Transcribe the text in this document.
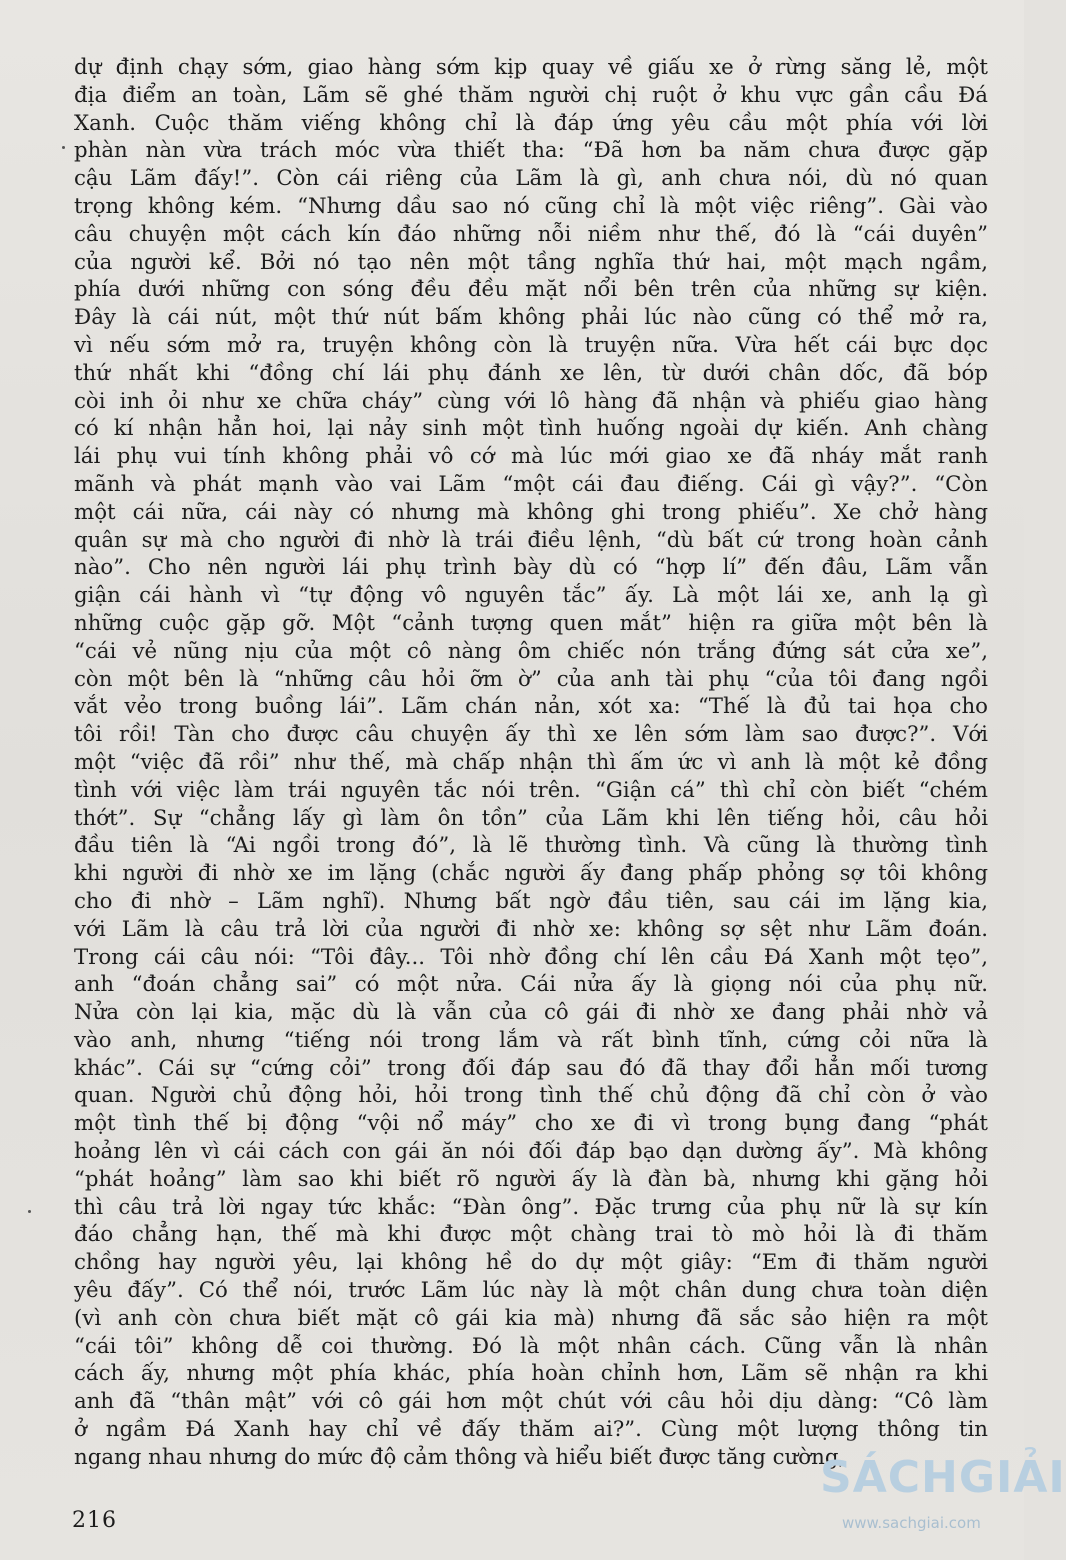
dự định chạy sớm, giao hàng sớm kịp quay về giấu xe ở rừng săng lẻ, một
địa điểm an toàn, Lãm sẽ ghé thăm người chị ruột ở khu vực gần cầu Đá
Xanh. Cuộc thăm viếng không chỉ là đáp ứng yêu cầu một phía với lời
phàn nàn vừa trách móc vừa thiết tha: “Đã hơn ba năm chưa được gặp
cậu Lãm đấy!”. Còn cái riêng của Lãm là gì, anh chưa nói, dù nó quan
trọng không kém. “Nhưng dầu sao nó cũng chỉ là một việc riêng”. Gài vào
câu chuyện một cách kín đáo những nỗi niềm như thế, đó là “cái duyên”
của người kể. Bởi nó tạo nên một tầng nghĩa thứ hai, một mạch ngầm,
phía dưới những con sóng đều đều mặt nổi bên trên của những sự kiện.
Đây là cái nút, một thứ nút bấm không phải lúc nào cũng có thể mở ra,
vì nếu sớm mở ra, truyện không còn là truyện nữa. Vừa hết cái bực dọc
thứ nhất khi “đồng chí lái phụ đánh xe lên, từ dưới chân dốc, đã bóp
còi inh ỏi như xe chữa cháy” cùng với lô hàng đã nhận và phiếu giao hàng
có kí nhận hẳn hoi, lại nảy sinh một tình huống ngoài dự kiến. Anh chàng
lái phụ vui tính không phải vô cớ mà lúc mới giao xe đã nháy mắt ranh
mãnh và phát mạnh vào vai Lãm “một cái đau điếng. Cái gì vậy?”. “Còn
một cái nữa, cái này có nhưng mà không ghi trong phiếu”. Xe chở hàng
quân sự mà cho người đi nhờ là trái điều lệnh, “dù bất cứ trong hoàn cảnh
nào”. Cho nên người lái phụ trình bày dù có “hợp lí” đến đâu, Lãm vẫn
giận cái hành vì “tự động vô nguyên tắc” ấy. Là một lái xe, anh lạ gì
những cuộc gặp gỡ. Một “cảnh tượng quen mắt” hiện ra giữa một bên là
“cái vẻ nũng nịu của một cô nàng ôm chiếc nón trắng đứng sát cửa xe”,
còn một bên là “những câu hỏi ỡm ờ” của anh tài phụ “của tôi đang ngồi
vắt vẻo trong buồng lái”. Lãm chán nản, xót xa: “Thế là đủ tai họa cho
tôi rồi! Tàn cho được câu chuyện ấy thì xe lên sớm làm sao được?”. Với
một “việc đã rồi” như thế, mà chấp nhận thì ấm ức vì anh là một kẻ đồng
tình với việc làm trái nguyên tắc nói trên. “Giận cá” thì chỉ còn biết “chém
thớt”. Sự “chẳng lấy gì làm ôn tồn” của Lãm khi lên tiếng hỏi, câu hỏi
đầu tiên là “Ai ngồi trong đó”, là lẽ thường tình. Và cũng là thường tình
khi người đi nhờ xe im lặng (chắc người ấy đang phấp phỏng sợ tôi không
cho đi nhờ – Lãm nghĩ). Nhưng bất ngờ đầu tiên, sau cái im lặng kia,
với Lãm là câu trả lời của người đi nhờ xe: không sợ sệt như Lãm đoán.
Trong cái câu nói: “Tôi đây... Tôi nhờ đồng chí lên cầu Đá Xanh một tẹo”,
anh “đoán chẳng sai” có một nửa. Cái nửa ấy là giọng nói của phụ nữ.
Nửa còn lại kia, mặc dù là vẫn của cô gái đi nhờ xe đang phải nhờ vả
vào anh, nhưng “tiếng nói trong lắm và rất bình tĩnh, cứng cỏi nữa là
khác”. Cái sự “cứng cỏi” trong đối đáp sau đó đã thay đổi hẳn mối tương
quan. Người chủ động hỏi, hỏi trong tình thế chủ động đã chỉ còn ở vào
một tình thế bị động “vội nổ máy” cho xe đi vì trong bụng đang “phát
hoảng lên vì cái cách con gái ăn nói đối đáp bạo dạn dường ấy”. Mà không
“phát hoảng” làm sao khi biết rõ người ấy là đàn bà, nhưng khi gặng hỏi
thì câu trả lời ngay tức khắc: “Đàn ông”. Đặc trưng của phụ nữ là sự kín
đáo chẳng hạn, thế mà khi được một chàng trai tò mò hỏi là đi thăm
chồng hay người yêu, lại không hề do dự một giây: “Em đi thăm người
yêu đấy”. Có thể nói, trước Lãm lúc này là một chân dung chưa toàn diện
(vì anh còn chưa biết mặt cô gái kia mà) nhưng đã sắc sảo hiện ra một
“cái tôi” không dễ coi thường. Đó là một nhân cách. Cũng vẫn là nhân
cách ấy, nhưng một phía khác, phía hoàn chỉnh hơn, Lãm sẽ nhận ra khi
anh đã “thân mật” với cô gái hơn một chút với câu hỏi dịu dàng: “Cô làm
ở ngầm Đá Xanh hay chỉ về đấy thăm ai?”. Cùng một lượng thông tin
ngang nhau nhưng do mức độ cảm thông và hiểu biết được tăng cường,
216
SÁCHGIẢI
www.sachgiai.com
